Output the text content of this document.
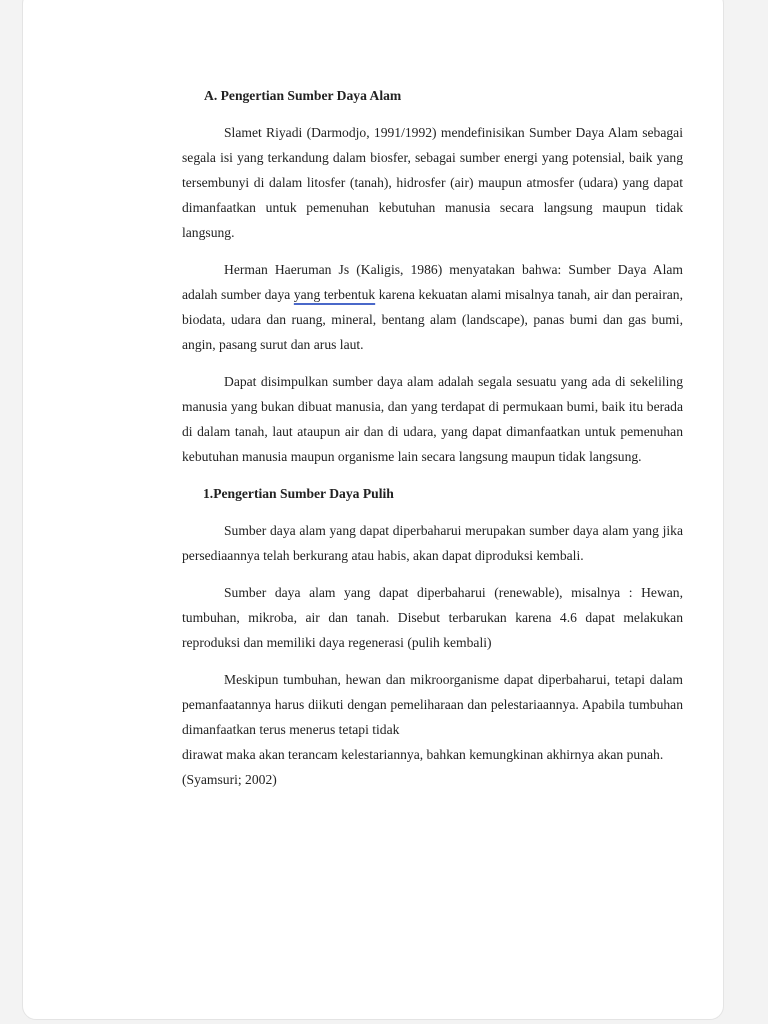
A. Pengertian Sumber Daya Alam

Slamet Riyadi (Darmodjo, 1991/1992) mendefinisikan Sumber Daya Alam sebagai segala isi yang terkandung dalam biosfer, sebagai sumber energi yang potensial, baik yang tersembunyi di dalam litosfer (tanah), hidrosfer (air) maupun atmosfer (udara) yang dapat dimanfaatkan untuk pemenuhan kebutuhan manusia secara langsung maupun tidak langsung.

Herman Haeruman Js (Kaligis, 1986) menyatakan bahwa: Sumber Daya Alam adalah sumber daya yang terbentuk karena kekuatan alami misalnya tanah, air dan perairan, biodata, udara dan ruang, mineral, bentang alam (landscape), panas bumi dan gas bumi, angin, pasang surut dan arus laut.

Dapat disimpulkan sumber daya alam adalah segala sesuatu yang ada di sekeliling manusia yang bukan dibuat manusia, dan yang terdapat di permukaan bumi, baik itu berada di dalam tanah, laut ataupun air dan di udara, yang dapat dimanfaatkan untuk pemenuhan kebutuhan manusia maupun organisme lain secara langsung maupun tidak langsung.

1.Pengertian Sumber Daya Pulih

Sumber daya alam yang dapat diperbaharui merupakan sumber daya alam yang jika persediaannya telah berkurang atau habis, akan dapat diproduksi kembali.

Sumber daya alam yang dapat diperbaharui (renewable), misalnya : Hewan, tumbuhan, mikroba, air dan tanah. Disebut terbarukan karena 4.6 dapat melakukan reproduksi dan memiliki daya regenerasi (pulih kembali)

Meskipun tumbuhan, hewan dan mikroorganisme dapat diperbaharui, tetapi dalam pemanfaatannya harus diikuti dengan pemeliharaan dan pelestariaannya. Apabila tumbuhan dimanfaatkan terus menerus tetapi tidak

dirawat maka akan terancam kelestariannya, bahkan kemungkinan akhirnya akan punah.

(Syamsuri; 2002)
